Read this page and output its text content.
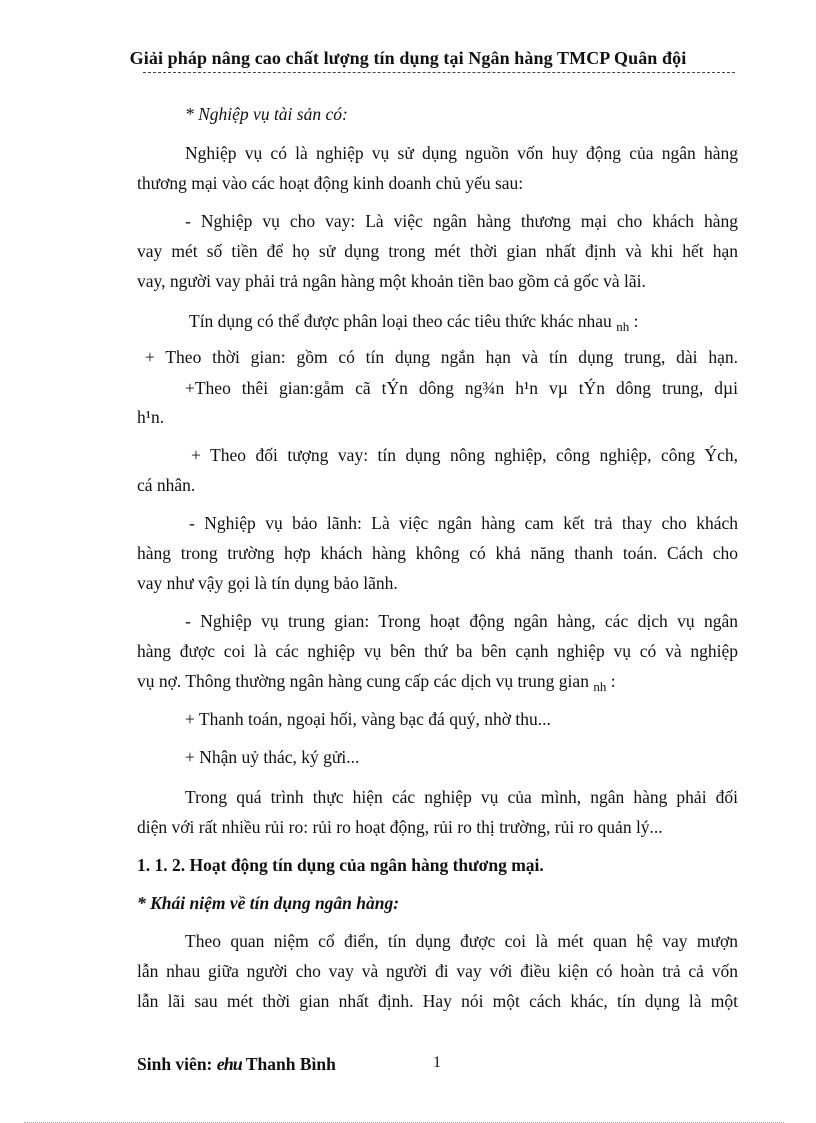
Giải pháp nâng cao chất lượng tín dụng tại Ngân hàng TMCP Quân đội
* Nghiệp vụ tài sản có:
Nghiệp vụ có là nghiệp vụ sử dụng nguồn vốn huy động của ngân hàng
thương mại vào các hoạt động kinh doanh chủ yếu sau:
- Nghiệp vụ cho vay: Là việc ngân hàng thương mại cho khách hàng
vay mét số tiền để họ sử dụng trong mét thời gian nhất định và khi hết hạn
vay, người vay phải trả ngân hàng một khoản tiền bao gồm cả gốc và lãi.
Tín dụng có thể được phân loại theo các tiêu thức khác nhau $_{nh}$ :
+ Theo thời gian: gồm có tín dụng ngắn hạn và tín dụng trung, dài hạn.
+Theo thêi gian:gåm cã tÝn dông ng¾n h¹n vµ tÝn dông trung, dµi
h¹n.
+ Theo đối tượng vay: tín dụng nông nghiệp, công nghiệp, công Ých,
cá nhân.
- Nghiệp vụ bảo lãnh: Là việc ngân hàng cam kết trả thay cho khách
hàng trong trường hợp khách hàng không có khả năng thanh toán. Cách cho
vay như vậy gọi là tín dụng bảo lãnh.
- Nghiệp vụ trung gian: Trong hoạt động ngân hàng, các dịch vụ ngân
hàng được coi là các nghiệp vụ bên thứ ba bên cạnh nghiệp vụ có và nghiệp
vụ nợ. Thông thường ngân hàng cung cấp các dịch vụ trung gian $_{nh}$ :
+ Thanh toán, ngoại hối, vàng bạc đá quý, nhờ thu...
+ Nhận uỷ thác, ký gửi...
Trong quá trình thực hiện các nghiệp vụ của mình, ngân hàng phải đối
diện với rất nhiều rủi ro: rủi ro hoạt động, rủi ro thị trường, rủi ro quản lý...
1. 1. 2. Hoạt động tín dụng của ngân hàng thương mại.
* Khái niệm về tín dụng ngân hàng:
Theo quan niệm cổ điển, tín dụng được coi là mét quan hệ vay mượn
lẫn nhau giữa người cho vay và người đi vay với điều kiện có hoàn trả cả vốn
lẫn lãi sau mét thời gian nhất định. Hay nói một cách khác, tín dụng là một
Sinh viên: ehu Thanh Bình	1
